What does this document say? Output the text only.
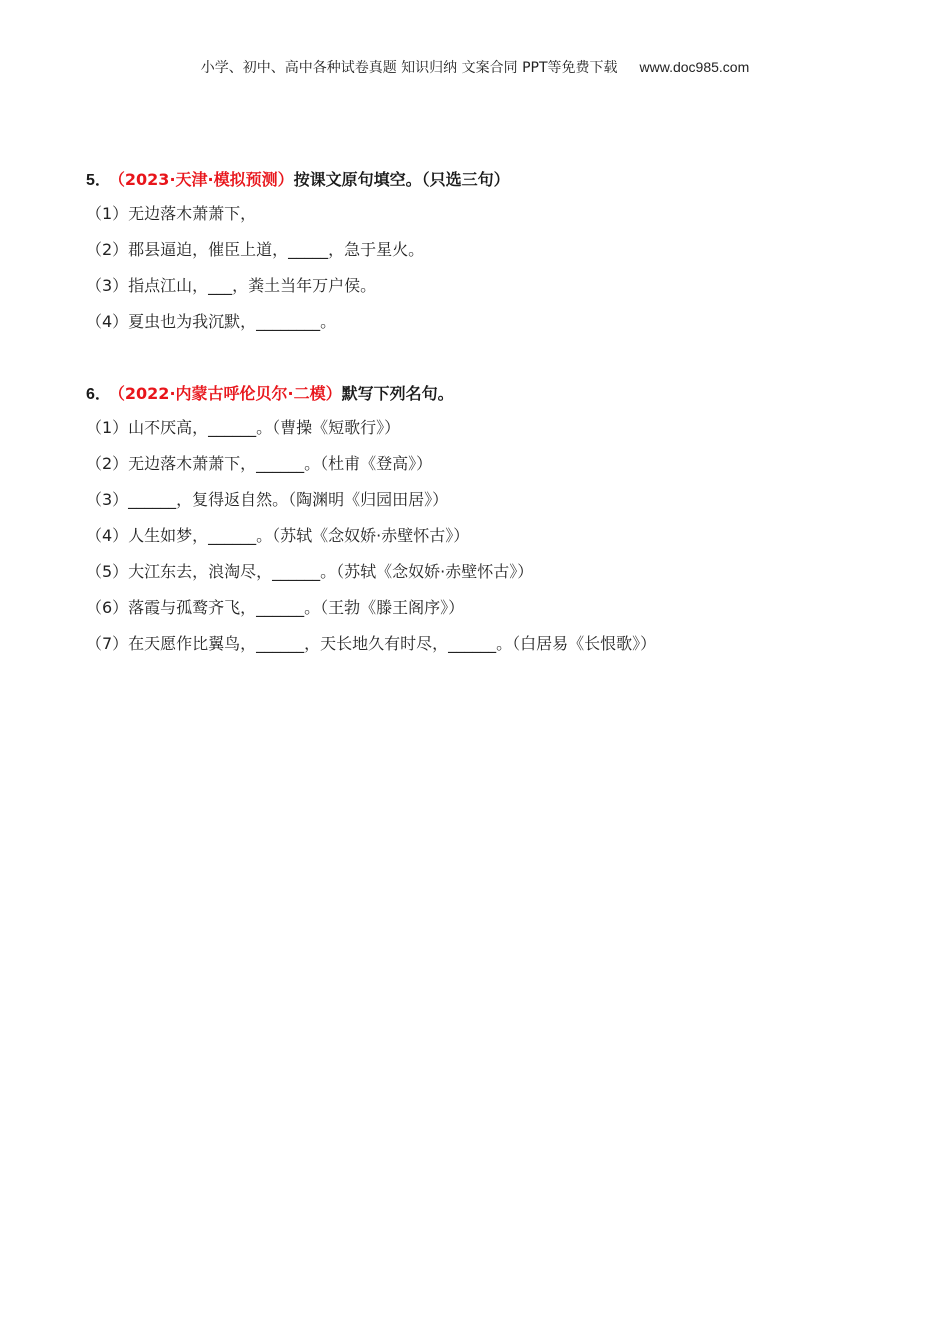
小学、初中、高中各种试卷真题 知识归纳 文案合同 PPT等免费下载 www.doc985.com
5． （2023·天津·模拟预测）按课文原句填空。（只选三句）
（1）无边落木萧萧下，
（2）郡县逼迫，催臣上道，_____，急于星火。
（3）指点江山，___，粪土当年万户侯。
（4）夏虫也为我沉默，________。
6． （2022·内蒙古呼伦贝尔·二模）默写下列名句。
（1）山不厌高，______。（曹操《短歌行》）
（2）无边落木萧萧下，______。（杜甫《登高》）
（3）______，复得返自然。（陶渊明《归园田居》）
（4）人生如梦，______。（苏轼《念奴娇·赤壁怀古》）
（5）大江东去，浪淘尽，______。（苏轼《念奴娇·赤壁怀古》）
（6）落霞与孤鹜齐飞，______。（王勃《滕王阁序》）
（7）在天愿作比翼鸟，______，天长地久有时尽，______。（白居易《长恨歌》）
